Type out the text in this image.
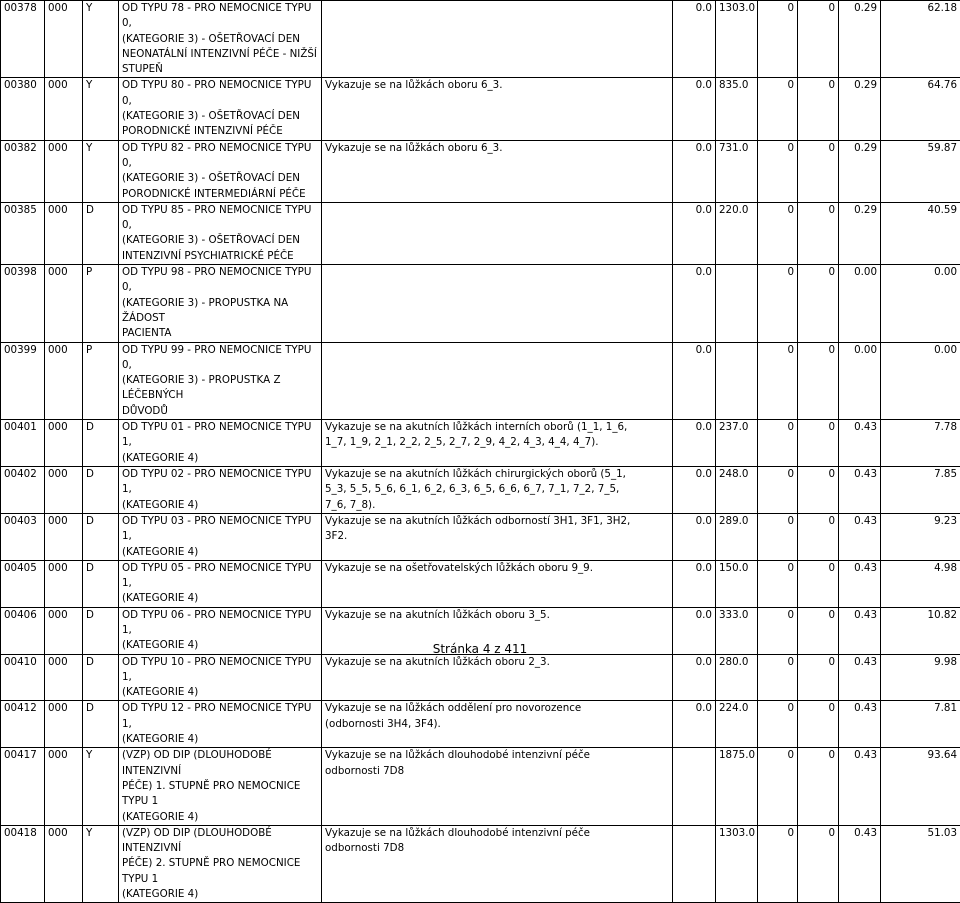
00378	000	Y	OD TYPU 78 - PRO NEMOCNICE TYPU 0,
(KATEGORIE 3) - OŠETŘOVACÍ DEN
NEONATÁLNÍ INTENZIVNÍ PÉČE - NIŽŠÍ
STUPEŇ		0.0	1303.0	0	0	0.29	62.18
00380	000	Y	OD TYPU 80 - PRO NEMOCNICE TYPU 0,
(KATEGORIE 3) - OŠETŘOVACÍ DEN
PORODNICKÉ INTENZIVNÍ PÉČE	Vykazuje se na lůžkách oboru 6_3.	0.0	835.0	0	0	0.29	64.76
00382	000	Y	OD TYPU 82 - PRO NEMOCNICE TYPU 0,
(KATEGORIE 3) - OŠETŘOVACÍ DEN
PORODNICKÉ INTERMEDIÁRNÍ PÉČE	Vykazuje se na lůžkách oboru 6_3.	0.0	731.0	0	0	0.29	59.87
00385	000	D	OD TYPU 85 - PRO NEMOCNICE TYPU 0,
(KATEGORIE 3) - OŠETŘOVACÍ DEN
INTENZIVNÍ PSYCHIATRICKÉ PÉČE		0.0	220.0	0	0	0.29	40.59
00398	000	P	OD TYPU 98 - PRO NEMOCNICE TYPU 0,
(KATEGORIE 3) - PROPUSTKA NA ŽÁDOST
PACIENTA		0.0		0	0	0.00	0.00
00399	000	P	OD TYPU 99 - PRO NEMOCNICE TYPU 0,
(KATEGORIE 3) - PROPUSTKA Z LÉČEBNÝCH
DŮVODŮ		0.0		0	0	0.00	0.00
00401	000	D	OD TYPU 01 - PRO NEMOCNICE TYPU 1,
(KATEGORIE 4)	Vykazuje se na akutních lůžkách interních oborů (1_1, 1_6,
1_7, 1_9, 2_1, 2_2, 2_5, 2_7, 2_9, 4_2, 4_3, 4_4, 4_7).	0.0	237.0	0	0	0.43	7.78
00402	000	D	OD TYPU 02 - PRO NEMOCNICE TYPU 1,
(KATEGORIE 4)	Vykazuje se na akutních lůžkách chirurgických oborů (5_1,
5_3, 5_5, 5_6, 6_1, 6_2, 6_3, 6_5, 6_6, 6_7, 7_1, 7_2, 7_5,
7_6, 7_8).	0.0	248.0	0	0	0.43	7.85
00403	000	D	OD TYPU 03 - PRO NEMOCNICE TYPU 1,
(KATEGORIE 4)	Vykazuje se na akutních lůžkách odborností 3H1, 3F1, 3H2,
3F2.	0.0	289.0	0	0	0.43	9.23
00405	000	D	OD TYPU 05 - PRO NEMOCNICE TYPU 1,
(KATEGORIE 4)	Vykazuje se na ošetřovatelských lůžkách oboru 9_9.	0.0	150.0	0	0	0.43	4.98
00406	000	D	OD TYPU 06 - PRO NEMOCNICE TYPU 1,
(KATEGORIE 4)	Vykazuje se na akutních lůžkách oboru 3_5.	0.0	333.0	0	0	0.43	10.82
00410	000	D	OD TYPU 10 - PRO NEMOCNICE TYPU 1,
(KATEGORIE 4)	Vykazuje se na akutních lůžkách oboru 2_3.	0.0	280.0	0	0	0.43	9.98
00412	000	D	OD TYPU 12 - PRO NEMOCNICE TYPU 1,
(KATEGORIE 4)	Vykazuje se na lůžkách oddělení pro novorozence
(odbornosti 3H4, 3F4).	0.0	224.0	0	0	0.43	7.81
00417	000	Y	(VZP) OD DIP (DLOUHODOBÉ INTENZIVNÍ
PÉČE) 1. STUPNĚ PRO NEMOCNICE TYPU 1
(KATEGORIE 4)	Vykazuje se na lůžkách dlouhodobé intenzivní péče
odbornosti 7D8		1875.0	0	0	0.43	93.64
00418	000	Y	(VZP) OD DIP (DLOUHODOBÉ INTENZIVNÍ
PÉČE) 2. STUPNĚ PRO NEMOCNICE TYPU 1
(KATEGORIE 4)	Vykazuje se na lůžkách dlouhodobé intenzivní péče
odbornosti 7D8		1303.0	0	0	0.43	51.03
Stránka 4 z 411
